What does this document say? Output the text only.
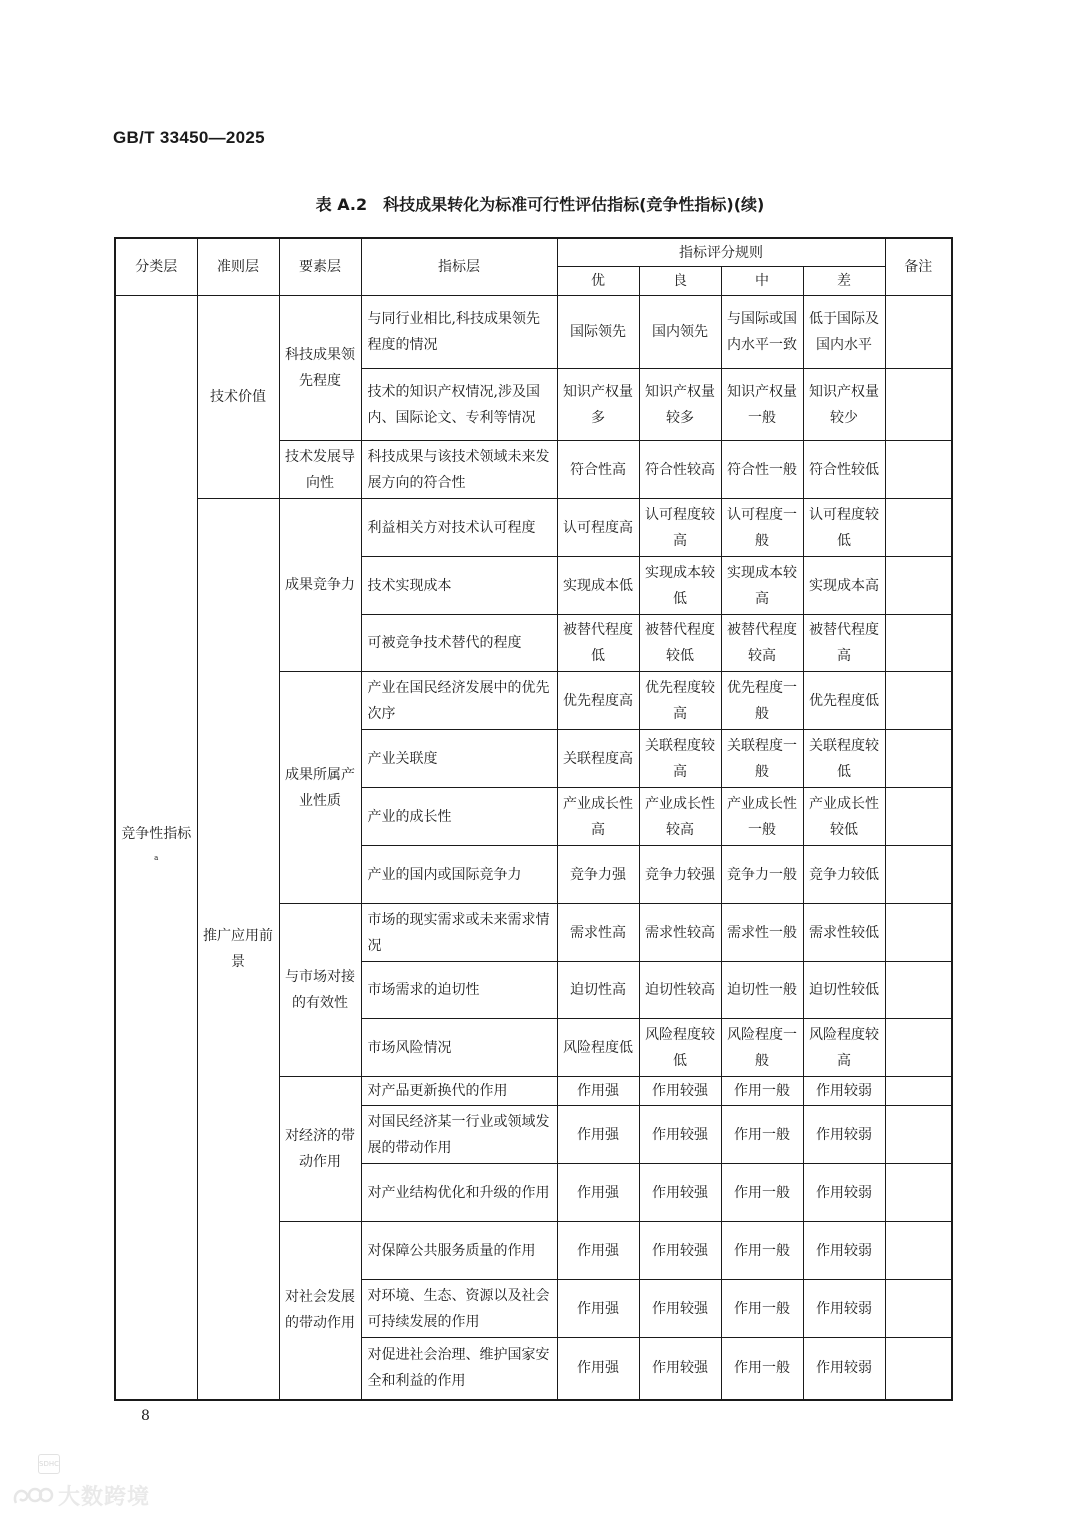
GB/T 33450—2025
表 A.2　科技成果转化为标准可行性评估指标(竞争性指标)(续)
分类层	准则层	要素层	指标层	指标评分规则				备注
				优	良	中	差	
竞争性指标$^a$	技术价值	科技成果领先程度	与同行业相比,科技成果领先程度的情况	国际领先	国内领先	与国际或国内水平一致	低于国际及国内水平	
			技术的知识产权情况,涉及国内、国际论文、专利等情况	知识产权量多	知识产权量较多	知识产权量一般	知识产权量较少	
		技术发展导向性	科技成果与该技术领域未来发展方向的符合性	符合性高	符合性较高	符合性一般	符合性较低	
	推广应用前景	成果竞争力	利益相关方对技术认可程度	认可程度高	认可程度较高	认可程度一般	认可程度较低	
			技术实现成本	实现成本低	实现成本较低	实现成本较高	实现成本高	
			可被竞争技术替代的程度	被替代程度低	被替代程度较低	被替代程度较高	被替代程度高	
		成果所属产业性质	产业在国民经济发展中的优先次序	优先程度高	优先程度较高	优先程度一般	优先程度低	
			产业关联度	关联程度高	关联程度较高	关联程度一般	关联程度较低	
			产业的成长性	产业成长性高	产业成长性较高	产业成长性一般	产业成长性较低	
			产业的国内或国际竞争力	竞争力强	竞争力较强	竞争力一般	竞争力较低	
		与市场对接的有效性	市场的现实需求或未来需求情况	需求性高	需求性较高	需求性一般	需求性较低	
			市场需求的迫切性	迫切性高	迫切性较高	迫切性一般	迫切性较低	
			市场风险情况	风险程度低	风险程度较低	风险程度一般	风险程度较高	
		对经济的带动作用	对产品更新换代的作用	作用强	作用较强	作用一般	作用较弱	
			对国民经济某一行业或领域发展的带动作用	作用强	作用较强	作用一般	作用较弱	
			对产业结构优化和升级的作用	作用强	作用较强	作用一般	作用较弱	
		对社会发展的带动作用	对保障公共服务质量的作用	作用强	作用较强	作用一般	作用较弱	
			对环境、生态、资源以及社会可持续发展的作用	作用强	作用较强	作用一般	作用较弱	
			对促进社会治理、维护国家安全和利益的作用	作用强	作用较强	作用一般	作用较弱	
8
SDHC
大数跨境
